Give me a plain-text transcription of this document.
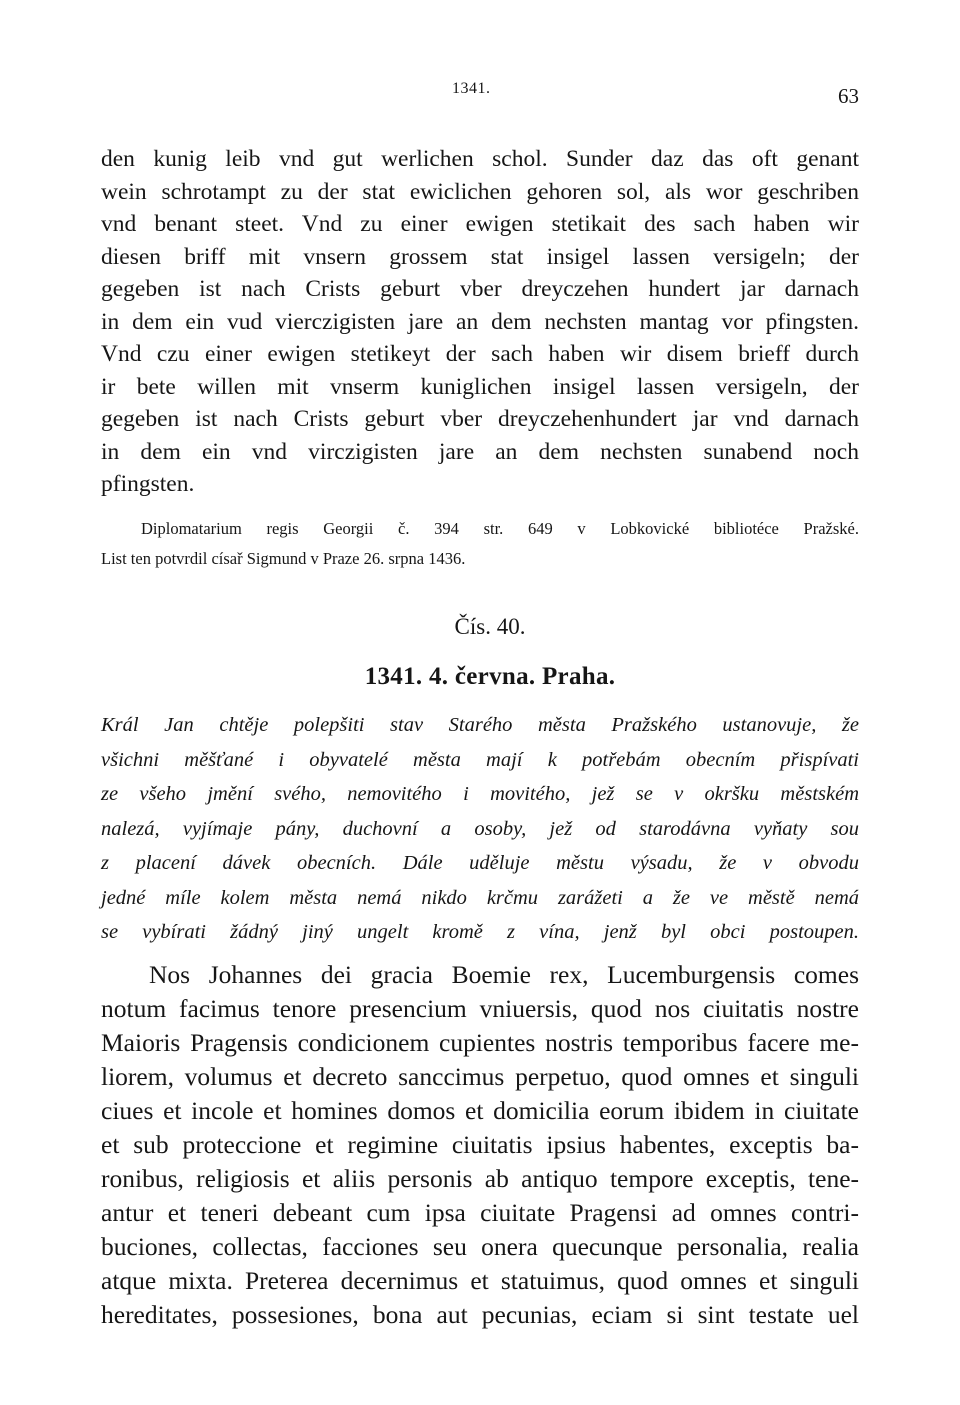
1341.	63
den kunig leib vnd gut werlichen schol. Sunder daz das oft genant
wein schrotampt zu der stat ewiclichen gehoren sol, als wor geschriben
vnd benant steet. Vnd zu einer ewigen stetikait des sach haben wir
diesen briff mit vnsern grossem stat insigel lassen versigeln; der
gegeben ist nach Crists geburt vber dreyczehen hundert jar darnach
in dem ein vud vierczigisten jare an dem nechsten mantag vor pfingsten.
Vnd czu einer ewigen stetikeyt der sach haben wir disem brieff durch
ir bete willen mit vnserm kuniglichen insigel lassen versigeln, der
gegeben ist nach Crists geburt vber dreyczehenhundert jar vnd darnach
in dem ein vnd virczigisten jare an dem nechsten sunabend noch
pfingsten.
Diplomatarium regis Georgii č. 394 str. 649 v Lobkovické bibliotéce Pražské.
List ten potvrdil císař Sigmund v Praze 26. srpna 1436.
Čís. 40.
1341. 4. června. Praha.
Král Jan chtěje polepšiti stav Starého města Pražského ustanovuje, že
všichni měšťané i obyvatelé města mají k potřebám obecním přispívati
ze všeho jmění svého, nemovitého i movitého, jež se v okršku městském
nalezá, vyjímaje pány, duchovní a osoby, jež od starodávna vyňaty sou
z placení dávek obecních. Dále uděluje městu výsadu, že v obvodu
jedné míle kolem města nemá nikdo krčmu zarážeti a že ve městě nemá
se vybírati žádný jiný ungelt kromě z vína, jenž byl obci postoupen.
Nos Johannes dei gracia Boemie rex, Lucemburgensis comes
notum facimus tenore presencium vniuersis, quod nos ciuitatis nostre
Maioris Pragensis condicionem cupientes nostris temporibus facere me-
liorem, volumus et decreto sanccimus perpetuo, quod omnes et singuli
ciues et incole et homines domos et domicilia eorum ibidem in ciuitate
et sub proteccione et regimine ciuitatis ipsius habentes, exceptis ba-
ronibus, religiosis et aliis personis ab antiquo tempore exceptis, tene-
antur et teneri debeant cum ipsa ciuitate Pragensi ad omnes contri-
buciones, collectas, facciones seu onera quecunque personalia, realia
atque mixta. Preterea decernimus et statuimus, quod omnes et singuli
hereditates, possesiones, bona aut pecunias, eciam si sint testate uel
